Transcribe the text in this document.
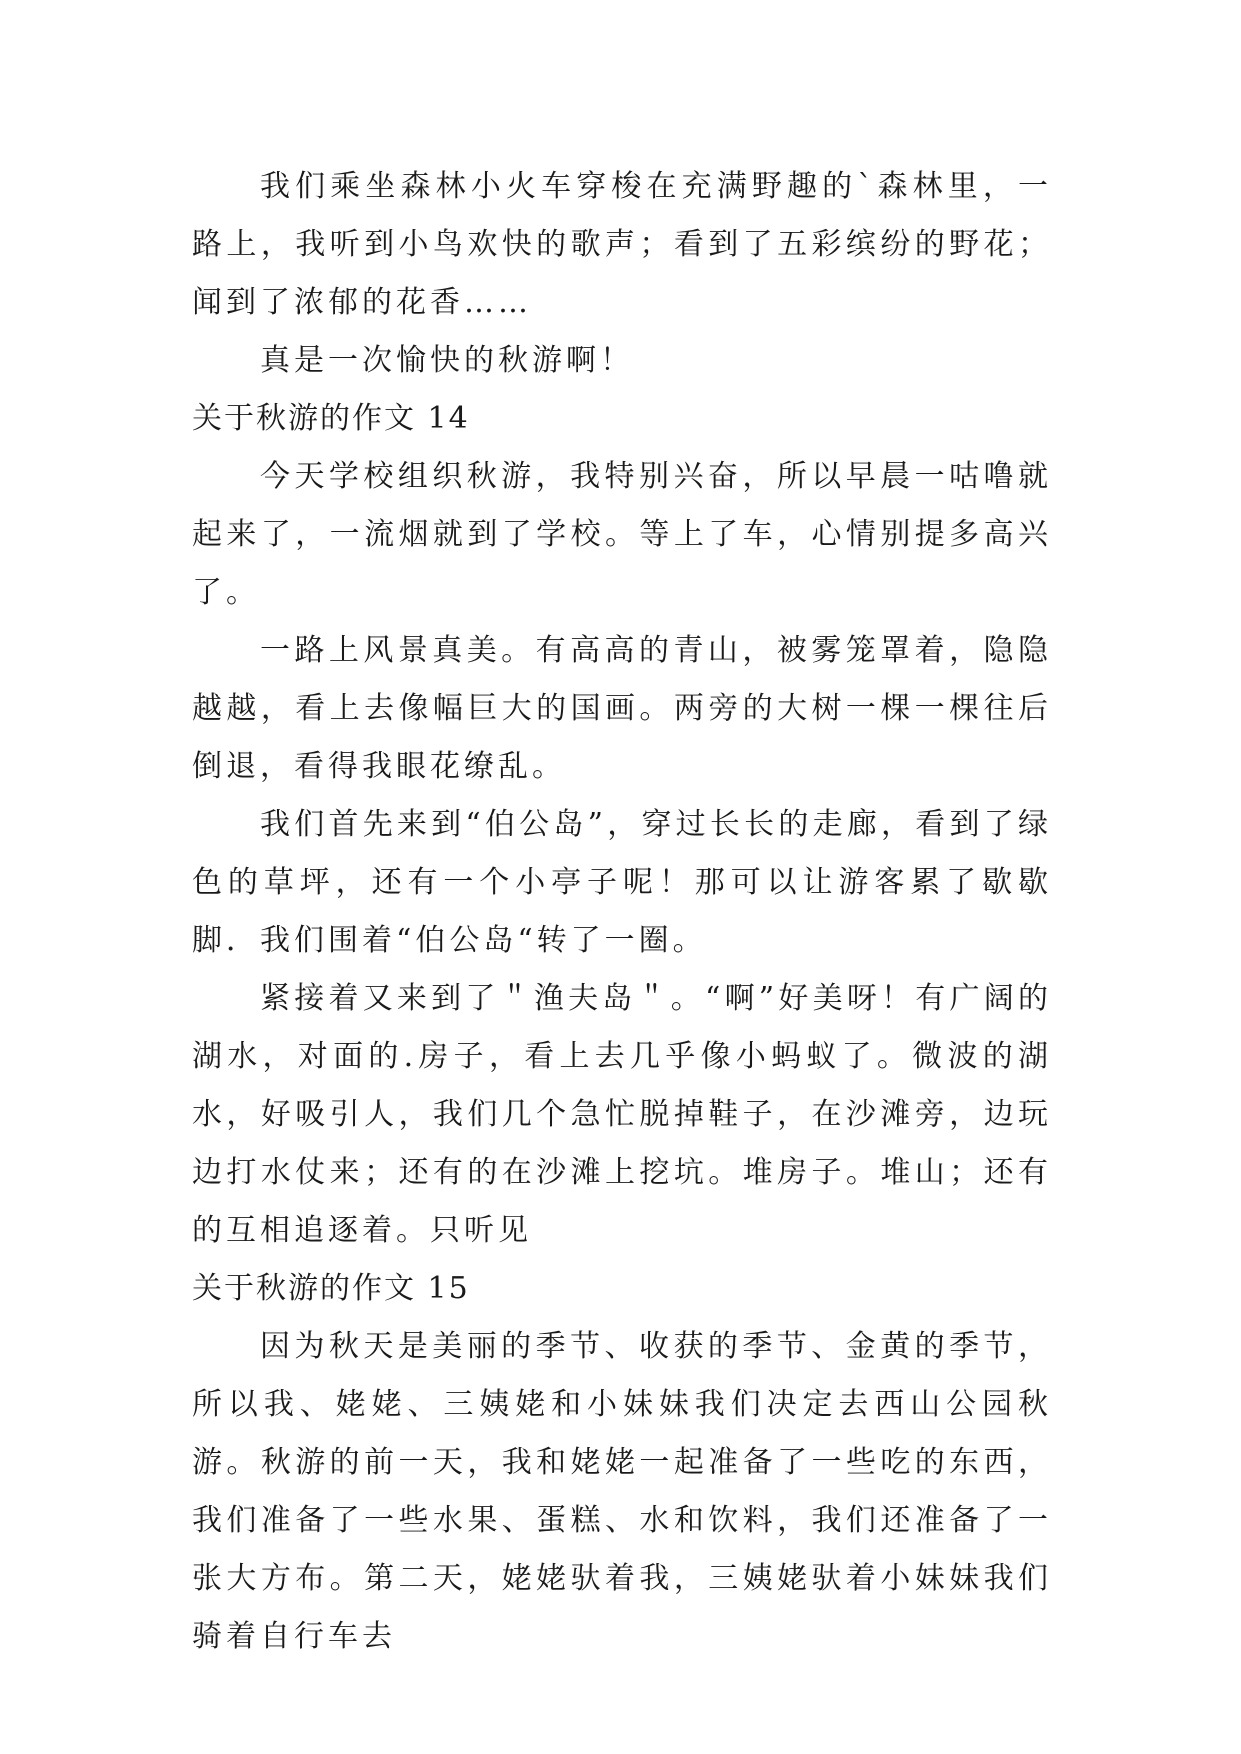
我们乘坐森林小火车穿梭在充满野趣的`森林里，一路上，我听到小鸟欢快的歌声；看到了五彩缤纷的野花；闻到了浓郁的花香……

真是一次愉快的秋游啊！

关于秋游的作文 14

今天学校组织秋游，我特别兴奋，所以早晨一咕噜就起来了，一流烟就到了学校。等上了车，心情别提多高兴了。

一路上风景真美。有高高的青山，被雾笼罩着，隐隐越越，看上去像幅巨大的国画。两旁的大树一棵一棵往后倒退，看得我眼花缭乱。

我们首先来到“伯公岛”，穿过长长的走廊，看到了绿色的草坪，还有一个小亭子呢！那可以让游客累了歇歇脚．我们围着“伯公岛“转了一圈。

紧接着又来到了＂渔夫岛＂。“啊”好美呀！有广阔的湖水，对面的.房子，看上去几乎像小蚂蚁了。微波的湖水，好吸引人，我们几个急忙脱掉鞋子，在沙滩旁，边玩边打水仗来；还有的在沙滩上挖坑。堆房子。堆山；还有的互相追逐着。只听见

关于秋游的作文 15

因为秋天是美丽的季节、收获的季节、金黄的季节，所以我、姥姥、三姨姥和小妹妹我们决定去西山公园秋游。秋游的前一天，我和姥姥一起准备了一些吃的东西，我们准备了一些水果、蛋糕、水和饮料，我们还准备了一张大方布。第二天，姥姥驮着我，三姨姥驮着小妹妹我们骑着自行车去
